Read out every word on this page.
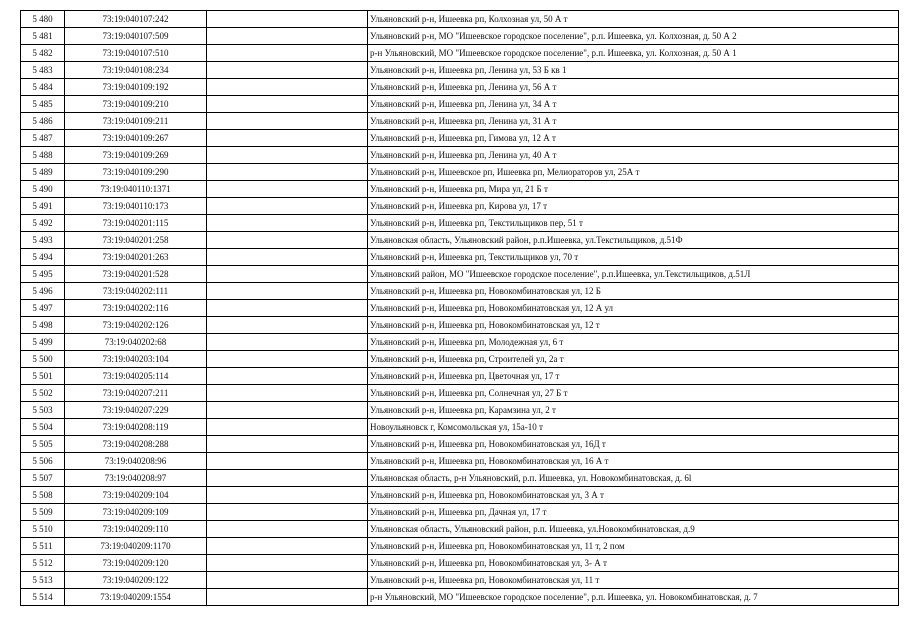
5 480	73:19:040107:242		Ульяновский р-н, Ишеевка рп, Колхозная ул, 50 А т
5 481	73:19:040107:509		Ульяновский р-н, МО "Ишеевское городское поселение", р.п. Ишеевка, ул. Колхозная, д. 50 А 2
5 482	73:19:040107:510		р-н Ульяновский, МО "Ишеевское городское поселение", р.п. Ишеевка, ул. Колхозная, д. 50 А 1
5 483	73:19:040108:234		Ульяновский р-н, Ишеевка рп, Ленина ул, 53 Б кв 1
5 484	73:19:040109:192		Ульяновский р-н, Ишеевка рп, Ленина ул, 56 А т
5 485	73:19:040109:210		Ульяновский р-н, Ишеевка рп, Ленина ул, 34 А т
5 486	73:19:040109:211		Ульяновский р-н, Ишеевка рп, Ленина ул, 31 А т
5 487	73:19:040109:267		Ульяновский р-н, Ишеевка рп, Гимова ул, 12 А т
5 488	73:19:040109:269		Ульяновский р-н, Ишеевка рп, Ленина ул, 40 А т
5 489	73:19:040109:290		Ульяновский р-н, Ишеевское рп, Ишеевка рп, Мелиораторов ул, 25А т
5 490	73:19:040110:1371		Ульяновский р-н, Ишеевка рп, Мира ул, 21 Б т
5 491	73:19:040110:173		Ульяновский р-н, Ишеевка рп, Кирова ул, 17 т
5 492	73:19:040201:115		Ульяновский р-н, Ишеевка рп, Текстильщиков пер, 51 т
5 493	73:19:040201:258		Ульяновская область, Ульяновский район, р.п.Ишеевка, ул.Текстильщиков, д.51Ф
5 494	73:19:040201:263		Ульяновский р-н, Ишеевка рп, Текстильщиков ул, 70 т
5 495	73:19:040201:528		Ульяновский район, МО "Ишеевское городское поселение", р.п.Ишеевка, ул.Текстильщиков, д.51Л
5 496	73:19:040202:111		Ульяновский р-н, Ишеевка рп, Новокомбинатовская ул, 12 Б
5 497	73:19:040202:116		Ульяновский р-н, Ишеевка рп, Новокомбинатовская ул, 12 А ул
5 498	73:19:040202:126		Ульяновский р-н, Ишеевка рп, Новокомбинатовская ул, 12 т
5 499	73:19:040202:68		Ульяновский р-н, Ишеевка рп, Молодежная ул, 6 т
5 500	73:19:040203:104		Ульяновский р-н, Ишеевка рп, Строителей ул, 2а т
5 501	73:19:040205:114		Ульяновский р-н, Ишеевка рп, Цветочная ул, 17 т
5 502	73:19:040207:211		Ульяновский р-н, Ишеевка рп, Солнечная ул, 27 Б т
5 503	73:19:040207:229		Ульяновский р-н, Ишеевка рп, Карамзина ул, 2 т
5 504	73:19:040208:119		Новоульяновск г, Комсомольская ул, 15а-10 т
5 505	73:19:040208:288		Ульяновский р-н, Ишеевка рп, Новокомбинатовская ул, 16Д т
5 506	73:19:040208:96		Ульяновский р-н, Ишеевка рп, Новокомбинатовская ул, 16 А т
5 507	73:19:040208:97		Ульяновская область, р-н Ульяновский, р.п. Ишеевка, ул. Новокомбинатовская, д. 6l
5 508	73:19:040209:104		Ульяновский р-н, Ишеевка рп, Новокомбинатовская ул, 3 А т
5 509	73:19:040209:109		Ульяновский р-н, Ишеевка рп, Дачная ул, 17 т
5 510	73:19:040209:110		Ульяновская область, Ульяновский район, р.п. Ишеевка, ул.Новокомбинатовская, д.9
5 511	73:19:040209:1170		Ульяновский р-н, Ишеевка рп, Новокомбинатовская ул, 11 т, 2 пом
5 512	73:19:040209:120		Ульяновский р-н, Ишеевка рп, Новокомбинатовская ул, 3- А т
5 513	73:19:040209:122		Ульяновский р-н, Ишеевка рп, Новокомбинатовская ул, 11 т
5 514	73:19:040209:1554		р-н Ульяновский, МО "Ишеевское городское поселение", р.п. Ишеевка, ул. Новокомбинатовская, д. 7
